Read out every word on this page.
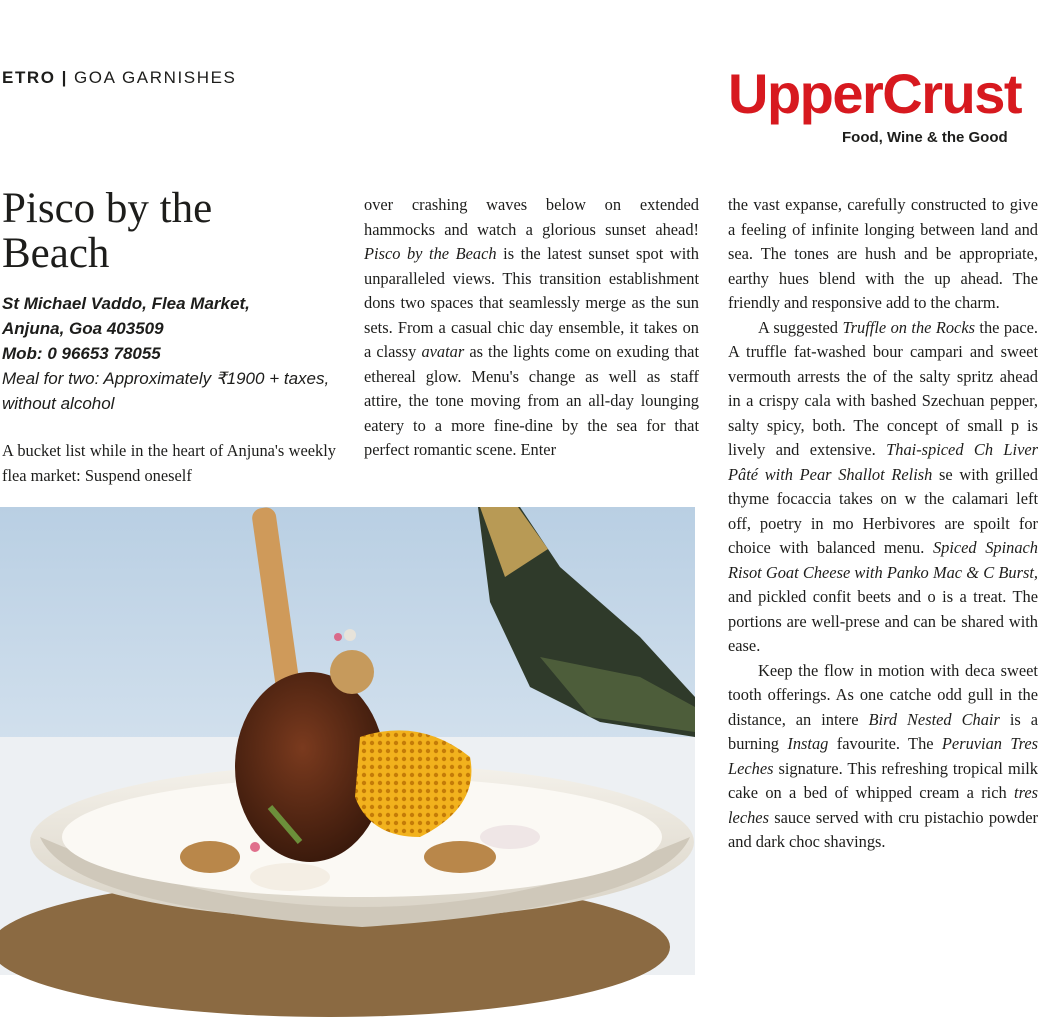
ETRO | GOA GARNISHES	UpperCrust
Food, Wine & the Good
Pisco by the Beach
St Michael Vaddo, Flea Market,
Anjuna, Goa 403509
Mob: 0 96653 78055
Meal for two: Approximately ₹1900 + taxes, without alcohol

A bucket list while in the heart of Anjuna's weekly flea market: Suspend oneself

over crashing waves below on extended hammocks and watch a glorious sunset ahead! Pisco by the Beach is the latest sunset spot with unparalleled views. This transition establishment dons two spaces that seamlessly merge as the sun sets. From a casual chic day ensemble, it takes on a classy avatar as the lights come on exuding that ethereal glow. Menu's change as well as staff attire, the tone moving from an all-day lounging eatery to a more fine-dine by the sea for that perfect romantic scene. Enter

the vast expanse, carefully constructed to give a feeling of infinite longing between land and sea. The tones are hush and be appropriate, earthy hues blend with the up ahead. The friendly and responsive add to the charm.

A suggested Truffle on the Rocks the pace. A truffle fat-washed bour campari and sweet vermouth arrests the of the salty spritz ahead in a crispy cala with bashed Szechuan pepper, salty spicy, both. The concept of small p is lively and extensive. Thai-spiced Ch Liver Pâté with Pear Shallot Relish se with grilled thyme focaccia takes on w the calamari left off, poetry in mo Herbivores are spoilt for choice with balanced menu. Spiced Spinach Risot Goat Cheese with Panko Mac & C Burst, and pickled confit beets and o is a treat. The portions are well-prese and can be shared with ease.

Keep the flow in motion with deca sweet tooth offerings. As one catche odd gull in the distance, an intere Bird Nested Chair is a burning Instag favourite. The Peruvian Tres Leches signature. This refreshing tropical milk cake on a bed of whipped cream a rich tres leches sauce served with cru pistachio powder and dark choc shavings.
